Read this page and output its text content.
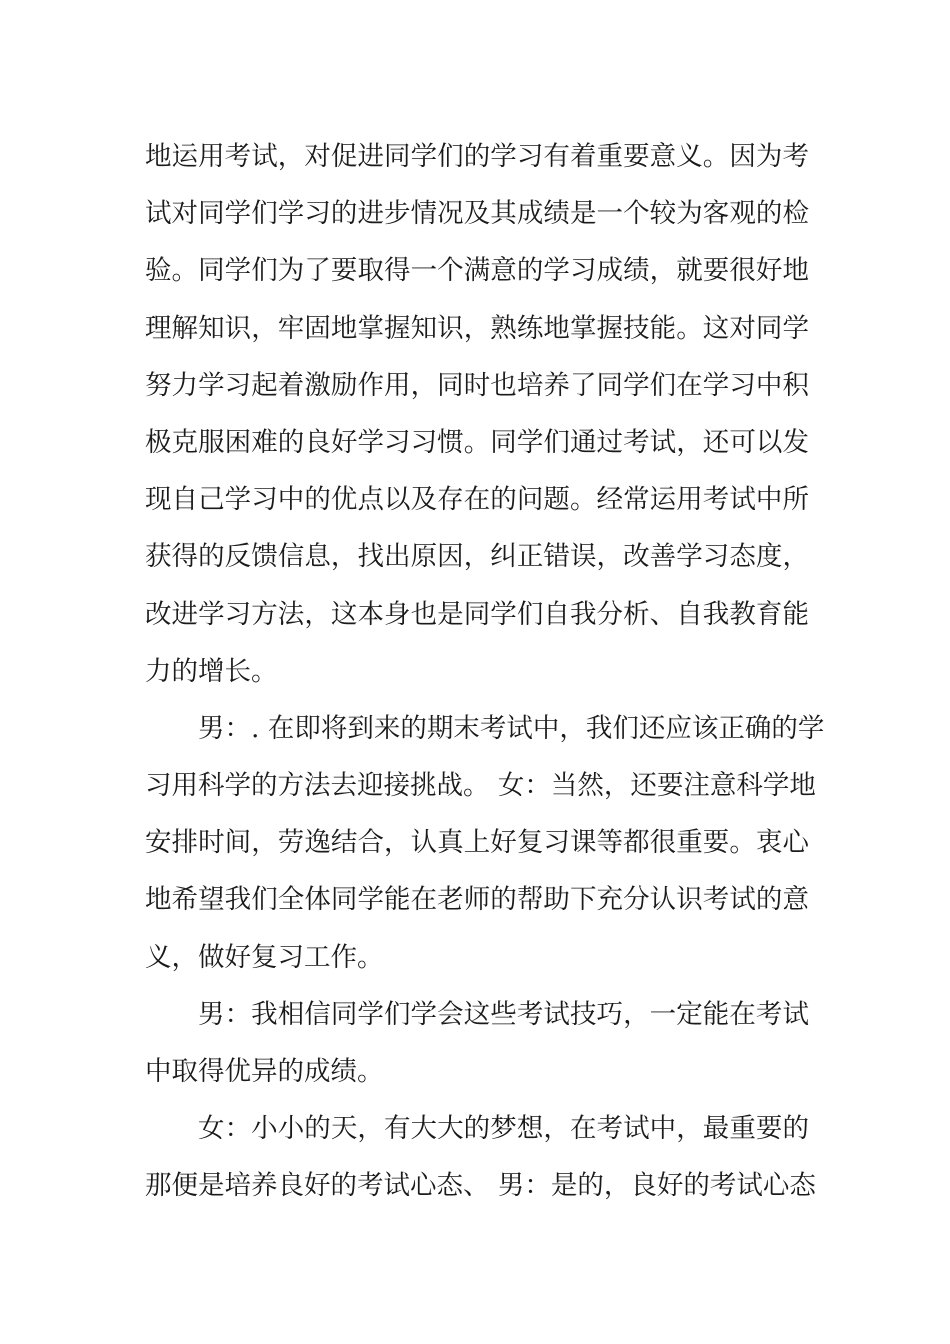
地运用考试，对促进同学们的学习有着重要意义。因为考
试对同学们学习的进步情况及其成绩是一个较为客观的检
验。同学们为了要取得一个满意的学习成绩，就要很好地
理解知识，牢固地掌握知识，熟练地掌握技能。这对同学
努力学习起着激励作用，同时也培养了同学们在学习中积
极克服困难的良好学习习惯。同学们通过考试，还可以发
现自己学习中的优点以及存在的问题。经常运用考试中所
获得的反馈信息，找出原因，纠正错误，改善学习态度，
改进学习方法，这本身也是同学们自我分析、自我教育能
力的增长。
男：. 在即将到来的期末考试中，我们还应该正确的学
习用科学的方法去迎接挑战。 女：当然，还要注意科学地
安排时间，劳逸结合，认真上好复习课等都很重要。衷心
地希望我们全体同学能在老师的帮助下充分认识考试的意
义，做好复习工作。
男：我相信同学们学会这些考试技巧，一定能在考试
中取得优异的成绩。
女：小小的天，有大大的梦想，在考试中，最重要的
那便是培养良好的考试心态、 男：是的，良好的考试心态
